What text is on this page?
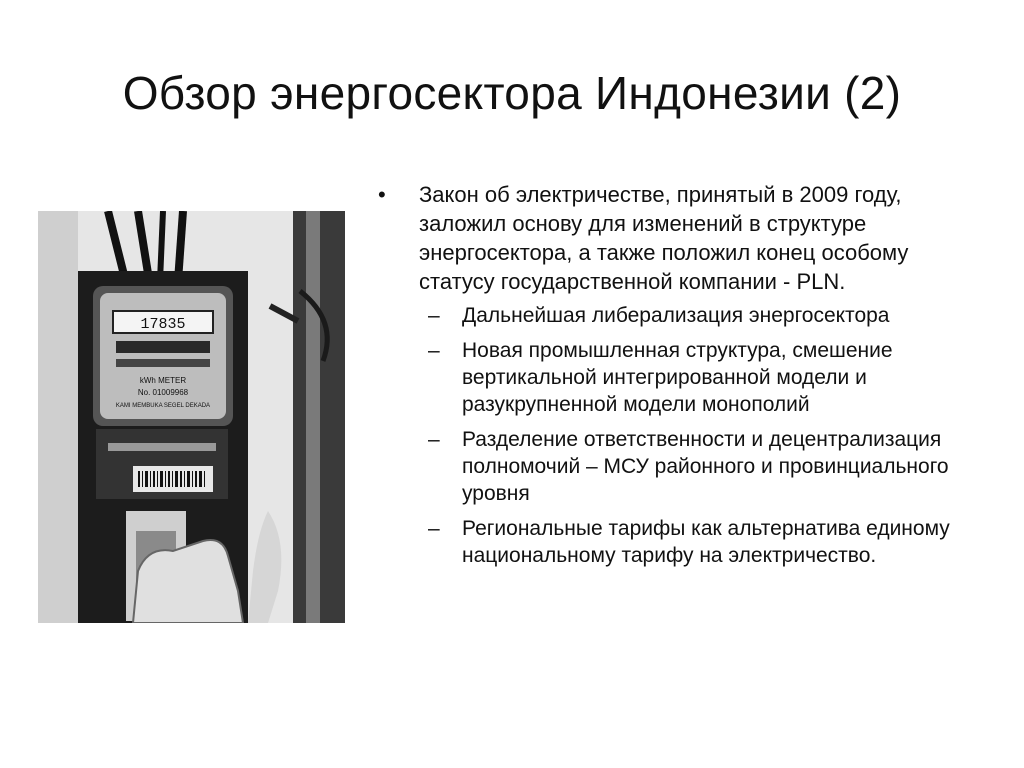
Обзор энергосектора Индонезии (2)
17835
kWh METER
No. 01009968
KAMI MEMBUKA SEGEL DEKADA
• Закон об электричестве, принятый в 2009 году, заложил основу для изменений в структуре энергосектора, а также положил конец особому статусу государственной компании - PLN.
– Дальнейшая либерализация энергосектора
– Новая промышленная структура, смешение вертикальной интегрированной модели и разукрупненной модели монополий
– Разделение ответственности и децентрализация полномочий – МСУ районного и провинциального уровня
– Региональные тарифы как альтернатива единому национальному тарифу на электричество.
